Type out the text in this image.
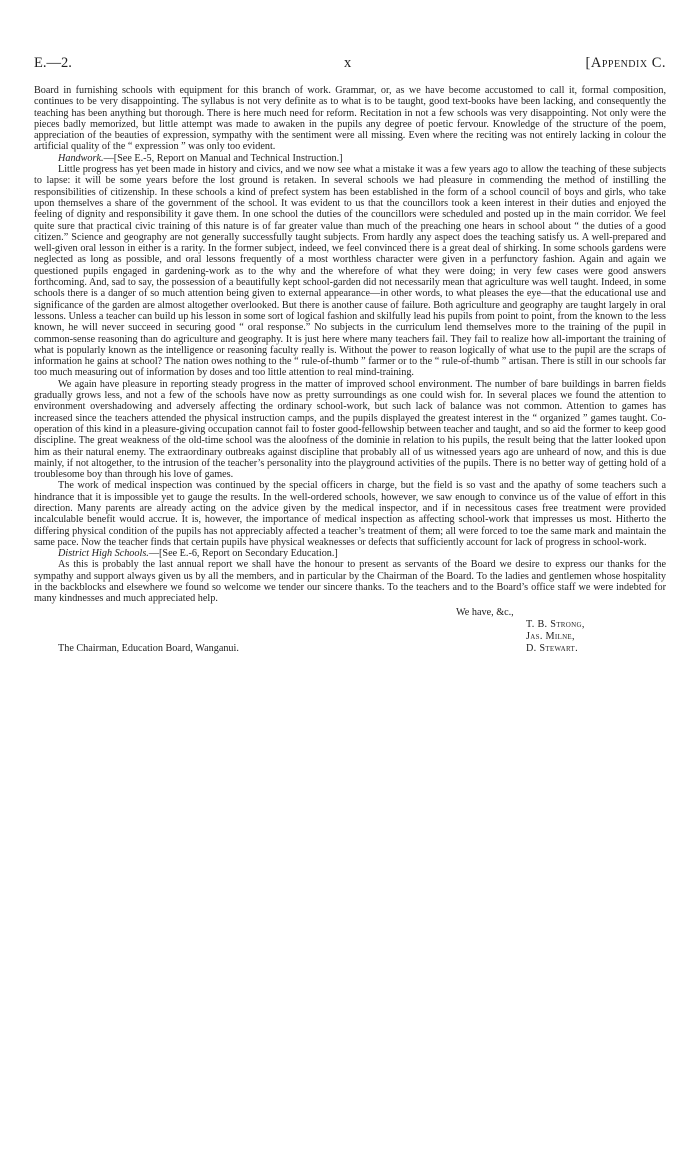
E.—2.	x	[Appendix C.

Board in furnishing schools with equipment for this branch of work. Grammar, or, as we have become accustomed to call it, formal composition, continues to be very disappointing. The syllabus is not very definite as to what is to be taught, good text-books have been lacking, and consequently the teaching has been anything but thorough. There is here much need for reform. Recitation in not a few schools was very disappointing. Not only were the pieces badly memorized, but little attempt was made to awaken in the pupils any degree of poetic fervour. Knowledge of the structure of the poem, appreciation of the beauties of expression, sympathy with the sentiment were all missing. Even where the reciting was not entirely lacking in colour the artificial quality of the “ expression ” was only too evident.

Handwork.—[See E.-5, Report on Manual and Technical Instruction.]

Little progress has yet been made in history and civics, and we now see what a mistake it was a few years ago to allow the teaching of these subjects to lapse: it will be some years before the lost ground is retaken. In several schools we had pleasure in commending the method of instilling the responsibilities of citizenship. In these schools a kind of prefect system has been established in the form of a school council of boys and girls, who take upon themselves a share of the government of the school. It was evident to us that the councillors took a keen interest in their duties and enjoyed the feeling of dignity and responsibility it gave them. In one school the duties of the councillors were scheduled and posted up in the main corridor. We feel quite sure that practical civic training of this nature is of far greater value than much of the preaching one hears in school about “ the duties of a good citizen.” Science and geography are not generally successfully taught subjects. From hardly any aspect does the teaching satisfy us. A well-prepared and well-given oral lesson in either is a rarity. In the former subject, indeed, we feel convinced there is a great deal of shirking. In some schools gardens were neglected as long as possible, and oral lessons frequently of a most worthless character were given in a perfunctory fashion. Again and again we questioned pupils engaged in gardening-work as to the why and the wherefore of what they were doing; in very few cases were good answers forthcoming. And, sad to say, the possession of a beautifully kept school-garden did not necessarily mean that agriculture was well taught. Indeed, in some schools there is a danger of so much attention being given to external appearance—in other words, to what pleases the eye—that the educational use and significance of the garden are almost altogether overlooked. But there is another cause of failure. Both agriculture and geography are taught largely in oral lessons. Unless a teacher can build up his lesson in some sort of logical fashion and skilfully lead his pupils from point to point, from the known to the less known, he will never succeed in securing good “ oral response.” No subjects in the curriculum lend themselves more to the training of the pupil in common-sense reasoning than do agriculture and geography. It is just here where many teachers fail. They fail to realize how all-important the training of what is popularly known as the intelligence or reasoning faculty really is. Without the power to reason logically of what use to the pupil are the scraps of information he gains at school? The nation owes nothing to the “ rule-of-thumb ” farmer or to the “ rule-of-thumb ” artisan. There is still in our schools far too much measuring out of information by doses and too little attention to real mind-training.

We again have pleasure in reporting steady progress in the matter of improved school environment. The number of bare buildings in barren fields gradually grows less, and not a few of the schools have now as pretty surroundings as one could wish for. In several places we found the attention to environment overshadowing and adversely affecting the ordinary school-work, but such lack of balance was not common. Attention to games has increased since the teachers attended the physical instruction camps, and the pupils displayed the greatest interest in the “ organized ” games taught. Co-operation of this kind in a pleasure-giving occupation cannot fail to foster good-fellowship between teacher and taught, and so aid the former to keep good discipline. The great weakness of the old-time school was the aloofness of the dominie in relation to his pupils, the result being that the latter looked upon him as their natural enemy. The extraordinary outbreaks against discipline that probably all of us witnessed years ago are unheard of now, and this is due mainly, if not altogether, to the intrusion of the teacher’s personality into the playground activities of the pupils. There is no better way of getting hold of a troublesome boy than through his love of games.

The work of medical inspection was continued by the special officers in charge, but the field is so vast and the apathy of some teachers such a hindrance that it is impossible yet to gauge the results. In the well-ordered schools, however, we saw enough to convince us of the value of effort in this direction. Many parents are already acting on the advice given by the medical inspector, and if in necessitous cases free treatment were provided incalculable benefit would accrue. It is, however, the importance of medical inspection as affecting school-work that impresses us most. Hitherto the differing physical condition of the pupils has not appreciably affected a teacher’s treatment of them; all were forced to toe the same mark and maintain the same pace. Now the teacher finds that certain pupils have physical weaknesses or defects that sufficiently account for lack of progress in school-work.

District High Schools.—[See E.-6, Report on Secondary Education.]

As this is probably the last annual report we shall have the honour to present as servants of the Board we desire to express our thanks for the sympathy and support always given us by all the members, and in particular by the Chairman of the Board. To the ladies and gentlemen whose hospitality in the backblocks and elsewhere we found so welcome we tender our sincere thanks. To the teachers and to the Board’s office staff we were indebted for many kindnesses and much appreciated help.

We have, &c.,
T. B. Strong,
Jas. Milne,
The Chairman, Education Board, Wanganui.	D. Stewart.
